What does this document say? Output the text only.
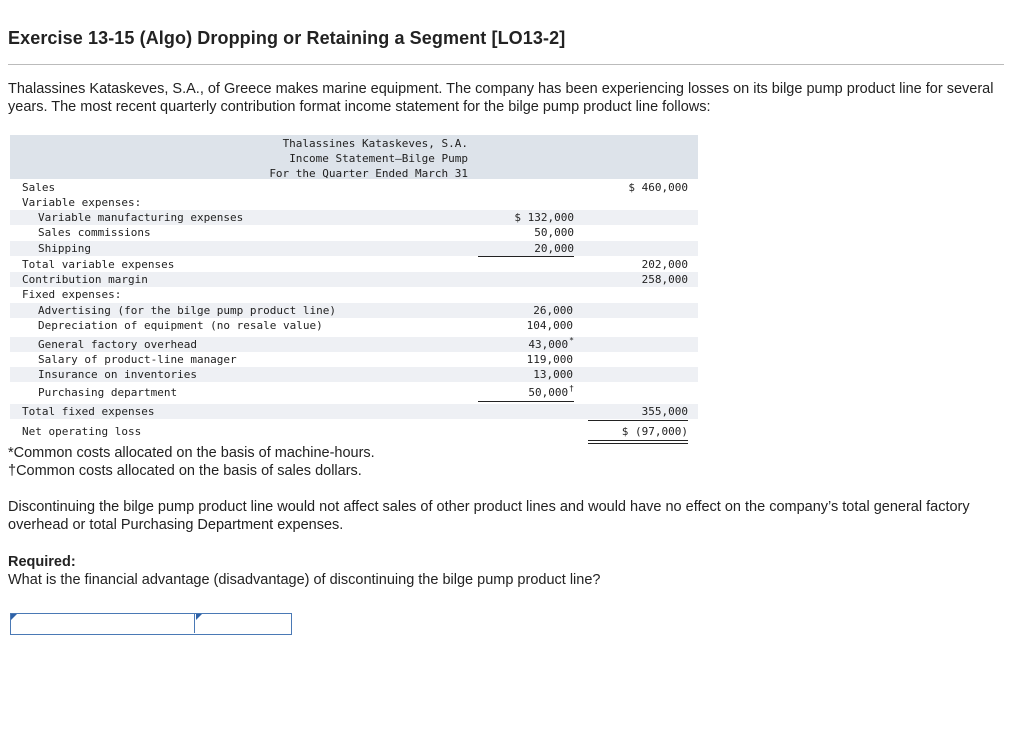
Exercise 13-15 (Algo) Dropping or Retaining a Segment [LO13-2]
Thalassines Kataskeves, S.A., of Greece makes marine equipment. The company has been experiencing losses on its bilge pump product line for several years. The most recent quarterly contribution format income statement for the bilge pump product line follows:
Thalassines Kataskeves, S.A.
Income Statement—Bilge Pump
For the Quarter Ended March 31
Sales	$ 460,000
Variable expenses:
Variable manufacturing expenses	$ 132,000
Sales commissions	50,000
Shipping	20,000
Total variable expenses	202,000
Contribution margin	258,000
Fixed expenses:
Advertising (for the bilge pump product line)	26,000
Depreciation of equipment (no resale value)	104,000
General factory overhead	43,000*
Salary of product-line manager	119,000
Insurance on inventories	13,000
Purchasing department	50,000†
Total fixed expenses	355,000
Net operating loss	$ (97,000)
*Common costs allocated on the basis of machine-hours.
†Common costs allocated on the basis of sales dollars.
Discontinuing the bilge pump product line would not affect sales of other product lines and would have no effect on the company’s total general factory overhead or total Purchasing Department expenses.
Required:
What is the financial advantage (disadvantage) of discontinuing the bilge pump product line?
